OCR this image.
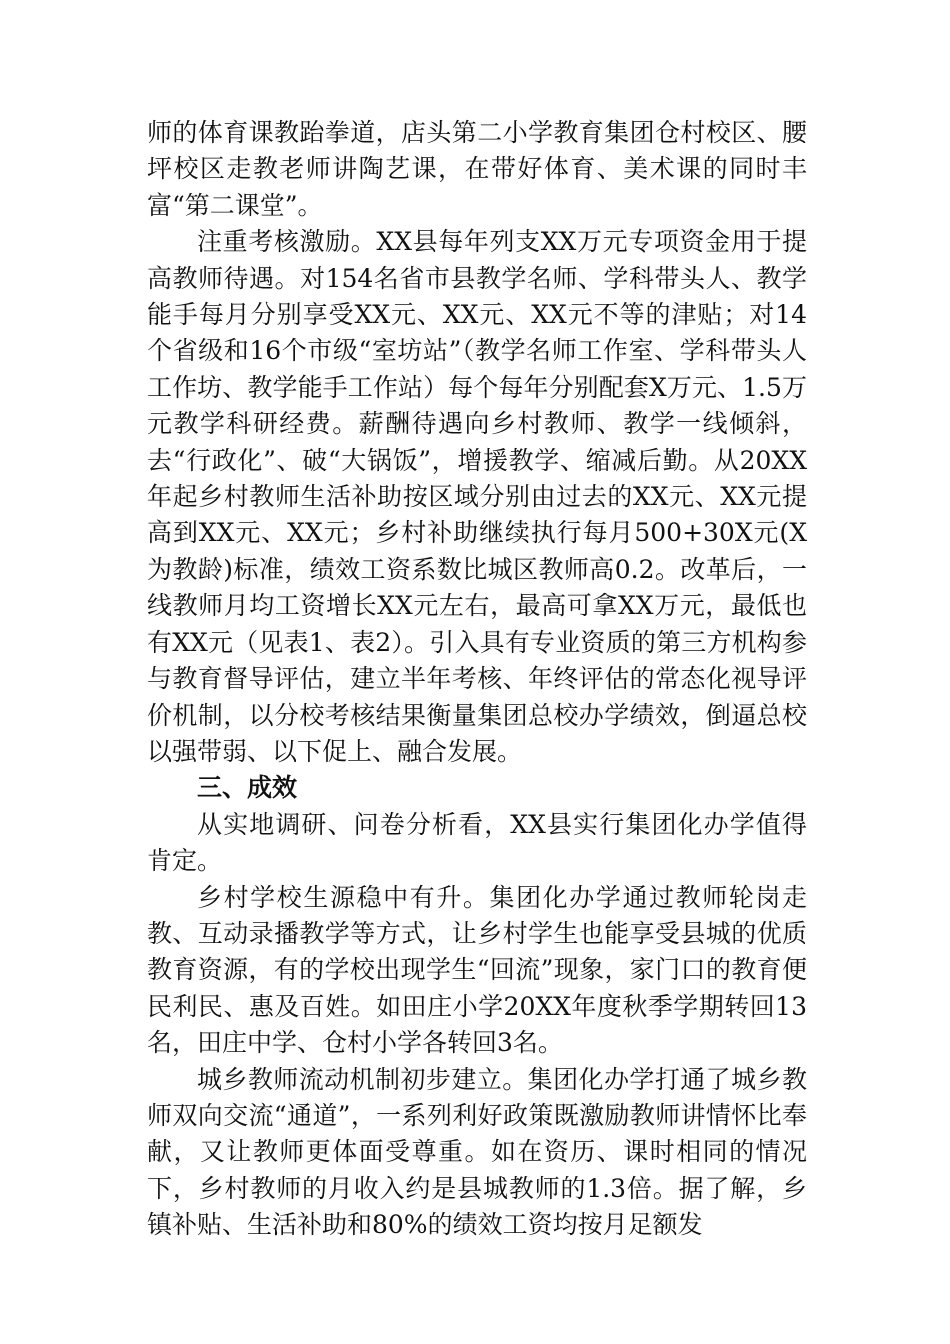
师的体育课教跆拳道，店头第二小学教育集团仓村校区、腰坪校区走教老师讲陶艺课，在带好体育、美术课的同时丰富“第二课堂”。

注重考核激励。XX县每年列支XX万元专项资金用于提高教师待遇。对154名省市县教学名师、学科带头人、教学能手每月分别享受XX元、XX元、XX元不等的津贴；对14个省级和16个市级“室坊站”（教学名师工作室、学科带头人工作坊、教学能手工作站）每个每年分别配套X万元、1.5万元教学科研经费。薪酬待遇向乡村教师、教学一线倾斜，去“行政化”、破“大锅饭”，增援教学、缩减后勤。从20XX年起乡村教师生活补助按区域分别由过去的XX元、XX元提高到XX元、XX元；乡村补助继续执行每月500+30X元(X为教龄)标准，绩效工资系数比城区教师高0.2。改革后，一线教师月均工资增长XX元左右，最高可拿XX万元，最低也有XX元（见表1、表2）。引入具有专业资质的第三方机构参与教育督导评估，建立半年考核、年终评估的常态化视导评价机制，以分校考核结果衡量集团总校办学绩效，倒逼总校以强带弱、以下促上、融合发展。

三、成效

从实地调研、问卷分析看，XX县实行集团化办学值得肯定。

乡村学校生源稳中有升。集团化办学通过教师轮岗走教、互动录播教学等方式，让乡村学生也能享受县城的优质教育资源，有的学校出现学生“回流”现象，家门口的教育便民利民、惠及百姓。如田庄小学20XX年度秋季学期转回13名，田庄中学、仓村小学各转回3名。

城乡教师流动机制初步建立。集团化办学打通了城乡教师双向交流“通道”，一系列利好政策既激励教师讲情怀比奉献，又让教师更体面受尊重。如在资历、课时相同的情况下，乡村教师的月收入约是县城教师的1.3倍。据了解，乡镇补贴、生活补助和80%的绩效工资均按月足额发
